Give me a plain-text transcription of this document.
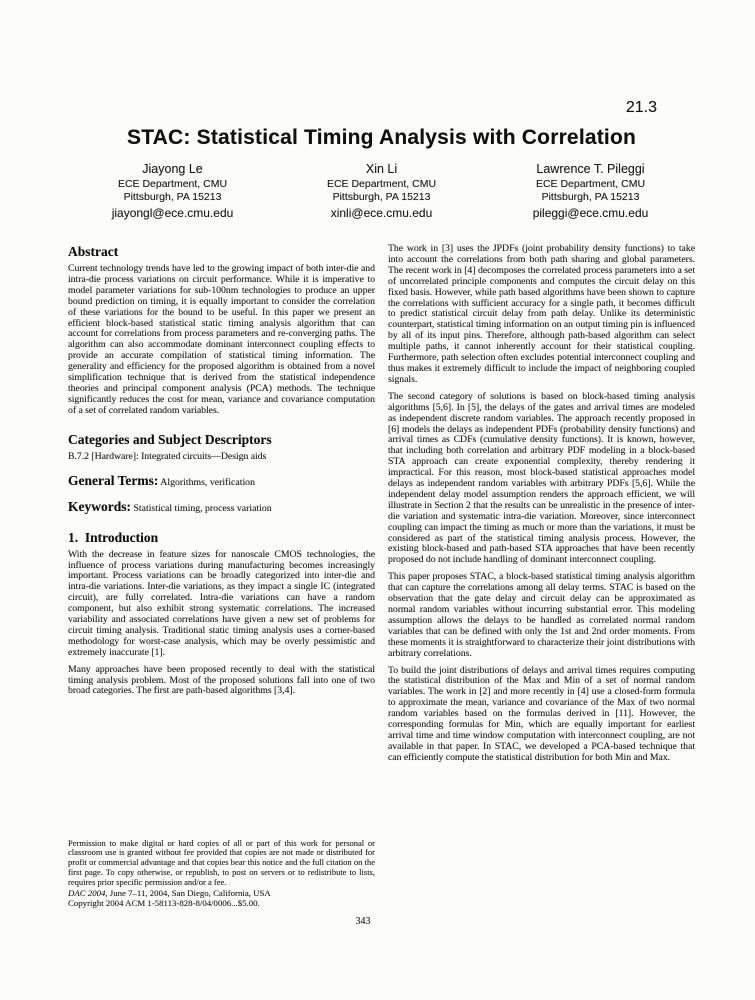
21.3
STAC: Statistical Timing Analysis with Correlation
Jiayong Le
ECE Department, CMU
Pittsburgh, PA 15213
jiayongl@ece.cmu.edu
Xin Li
ECE Department, CMU
Pittsburgh, PA 15213
xinli@ece.cmu.edu
Lawrence T. Pileggi
ECE Department, CMU
Pittsburgh, PA 15213
pileggi@ece.cmu.edu
Abstract

Current technology trends have led to the growing impact of both inter-die and intra-die process variations on circuit performance. While it is imperative to model parameter variations for sub-100nm technologies to produce an upper bound prediction on timing, it is equally important to consider the correlation of these variations for the bound to be useful. In this paper we present an efficient block-based statistical static timing analysis algorithm that can account for correlations from process parameters and re-converging paths. The algorithm can also accommodate dominant interconnect coupling effects to provide an accurate compilation of statistical timing information. The generality and efficiency for the proposed algorithm is obtained from a novel simplification technique that is derived from the statistical independence theories and principal component analysis (PCA) methods. The technique significantly reduces the cost for mean, variance and covariance computation of a set of correlated random variables.

Categories and Subject Descriptors

B.7.2 [Hardware]: Integrated circuits—Design aids

General Terms: Algorithms, verification

Keywords: Statistical timing, process variation

1.  Introduction

With the decrease in feature sizes for nanoscale CMOS technologies, the influence of process variations during manufacturing becomes increasingly important. Process variations can be broadly categorized into inter-die and intra-die variations. Inter-die variations, as they impact a single IC (integrated circuit), are fully correlated. Intra-die variations can have a random component, but also exhibit strong systematic correlations. The increased variability and associated correlations have given a new set of problems for circuit timing analysis. Traditional static timing analysis uses a corner-based methodology for worst-case analysis, which may be overly pessimistic and extremely inaccurate [1].

Many approaches have been proposed recently to deal with the statistical timing analysis problem. Most of the proposed solutions fall into one of two broad categories. The first are path-based algorithms [3,4].

Permission to make digital or hard copies of all or part of this work for personal or classroom use is granted without fee provided that copies are not made or distributed for profit or commercial advantage and that copies bear this notice and the full citation on the first page. To copy otherwise, or republish, to post on servers or to redistribute to lists, requires prior specific permission and/or a fee.

DAC 2004, June 7–11, 2004, San Diego, California, USA

Copyright 2004 ACM 1-58113-828-8/04/0006...$5.00.

The work in [3] uses the JPDFs (joint probability density functions) to take into account the correlations from both path sharing and global parameters. The recent work in [4] decomposes the correlated process parameters into a set of uncorrelated principle components and computes the circuit delay on this fixed basis. However, while path based algorithms have been shown to capture the correlations with sufficient accuracy for a single path, it becomes difficult to predict statistical circuit delay from path delay. Unlike its deterministic counterpart, statistical timing information on an output timing pin is influenced by all of its input pins. Therefore, although path-based algorithm can select multiple paths, it cannot inherently account for their statistical coupling. Furthermore, path selection often excludes potential interconnect coupling and thus makes it extremely difficult to include the impact of neighboring coupled signals.

The second category of solutions is based on block-based timing analysis algorithms [5,6]. In [5], the delays of the gates and arrival times are modeled as independent discrete random variables. The approach recently proposed in [6] models the delays as independent PDFs (probability density functions) and arrival times as CDFs (cumulative density functions). It is known, however, that including both correlation and arbitrary PDF modeling in a block-based STA approach can create exponential complexity, thereby rendering it impractical. For this reason, most block-based statistical approaches model delays as independent random variables with arbitrary PDFs [5,6]. While the independent delay model assumption renders the approach efficient, we will illustrate in Section 2 that the results can be unrealistic in the presence of inter-die variation and systematic intra-die variation. Moreover, since interconnect coupling can impact the timing as much or more than the variations, it must be considered as part of the statistical timing analysis process. However, the existing block-based and path-based STA approaches that have been recently proposed do not include handling of dominant interconnect coupling.

This paper proposes STAC, a block-based statistical timing analysis algorithm that can capture the correlations among all delay terms. STAC is based on the observation that the gate delay and circuit delay can be approximated as normal random variables without incurring substantial error. This modeling assumption allows the delays to be handled as correlated normal random variables that can be defined with only the 1st and 2nd order moments. From these moments it is straightforward to characterize their joint distributions with arbitrary correlations.

To build the joint distributions of delays and arrival times requires computing the statistical distribution of the Max and Min of a set of normal random variables. The work in [2] and more recently in [4] use a closed-form formula to approximate the mean, variance and covariance of the Max of two normal random variables based on the formulas derived in [11]. However, the corresponding formulas for Min, which are equally important for earliest arrival time and time window computation with interconnect coupling, are not available in that paper. In STAC, we developed a PCA-based technique that can efficiently compute the statistical distribution for both Min and Max.

343
